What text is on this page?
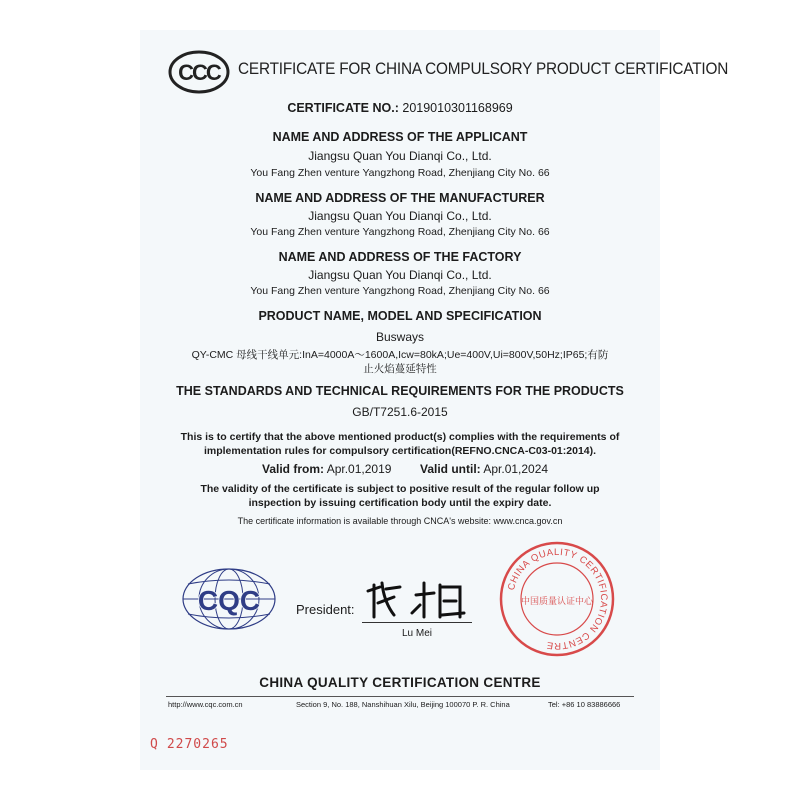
CCC CERTIFICATE FOR CHINA COMPULSORY PRODUCT CERTIFICATION
CERTIFICATE NO.: 2019010301168969
NAME AND ADDRESS OF THE APPLICANT
Jiangsu Quan You Dianqi Co., Ltd.
You Fang Zhen venture Yangzhong Road, Zhenjiang City No. 66
NAME AND ADDRESS OF THE MANUFACTURER
Jiangsu Quan You Dianqi Co., Ltd.
You Fang Zhen venture Yangzhong Road, Zhenjiang City No. 66
NAME AND ADDRESS OF THE FACTORY
Jiangsu Quan You Dianqi Co., Ltd.
You Fang Zhen venture Yangzhong Road, Zhenjiang City No. 66
PRODUCT NAME, MODEL AND SPECIFICATION
Busways
QY-CMC 母线干线单元:InA=4000A～1600A,Icw=80kA;Ue=400V,Ui=800V,50Hz;IP65;有防
止火焰蔓延特性
THE STANDARDS AND TECHNICAL REQUIREMENTS FOR THE PRODUCTS
GB/T7251.6-2015
This is to certify that the above mentioned product(s) complies with the requirements of
implementation rules for compulsory certification(REFNO.CNCA-C03-01:2014).
Valid from: Apr.01,2019 Valid until: Apr.01,2024
The validity of the certificate is subject to positive result of the regular follow up
inspection by issuing certification body until the expiry date.
The certificate information is available through CNCA's website: www.cnca.gov.cn
CQC	President:
Lu Mei
CHINA QUALITY CERTIFICATION CENTRE
中国质量认证中心
CHINA QUALITY CERTIFICATION CENTRE
http://www.cqc.com.cn	Section 9, No. 188, Nanshihuan Xilu, Beijing 100070 P. R. China	Tel: +86 10 83886666
Q 2270265
